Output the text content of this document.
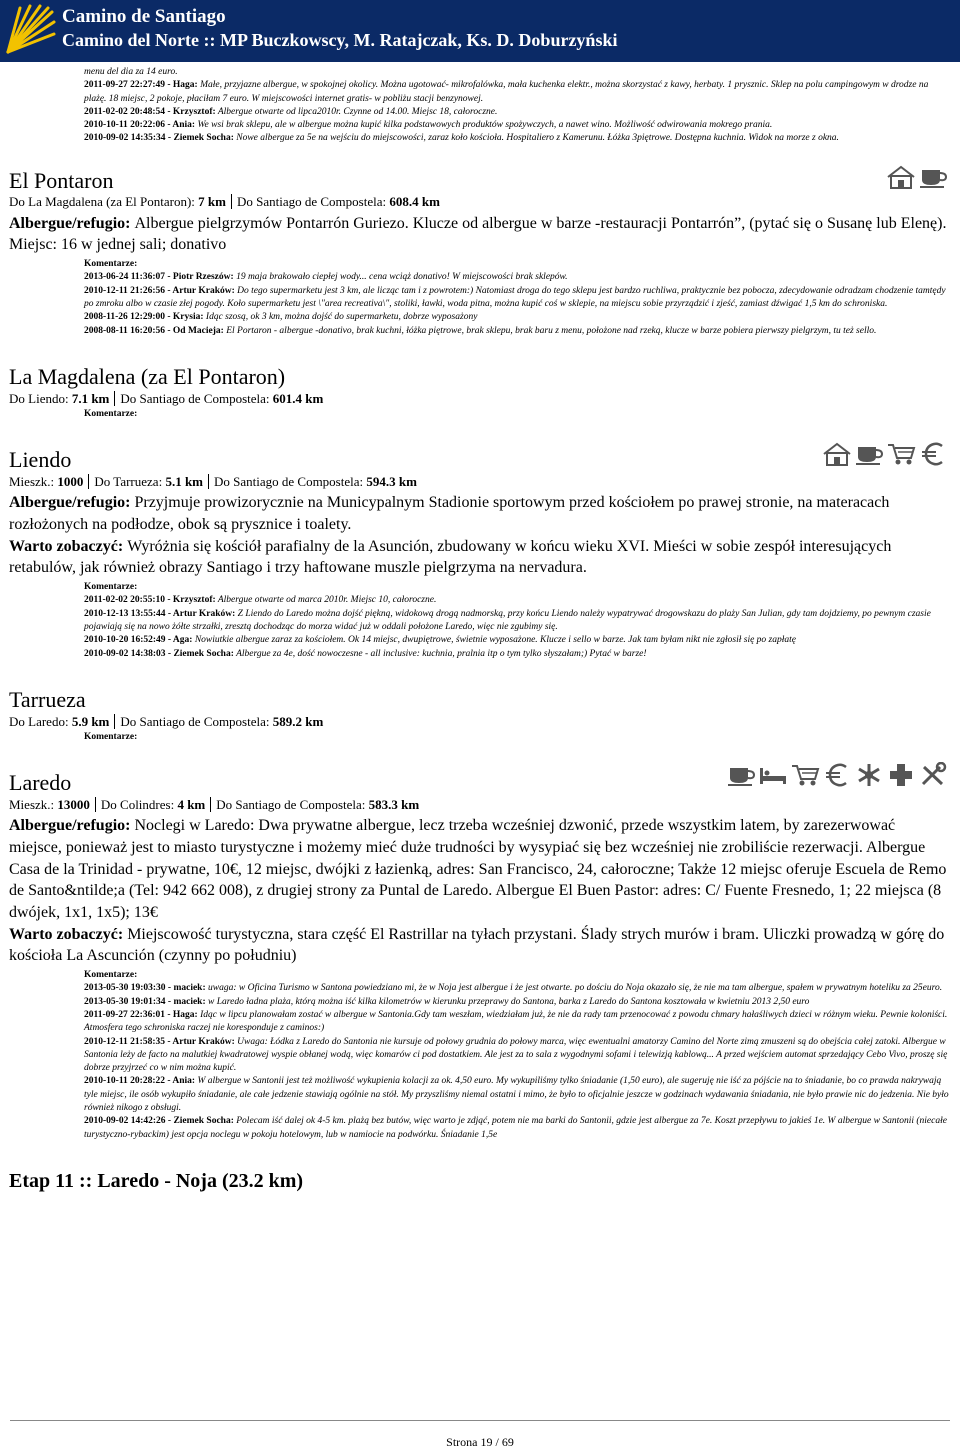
Camino de Santiago
Camino del Norte :: MP Buczkowscy, M. Ratajczak, Ks. D. Doburzyński
menu del dia za 14 euro.
2011-09-27 22:27:49 - Haga: Małe, przyjazne albergue, w spokojnej okolicy. Można ugotować- mikrofalówka, mała kuchenka elektr., można skorzystać z kawy, herbaty. 1 prysznic. Sklep na polu campingowym w drodze na plażę. 18 miejsc, 2 pokoje, płaciłam 7 euro. W miejscowości internet gratis- w pobliżu stacji benzynowej.
2011-02-02 20:48:54 - Krzysztof: Albergue otwarte od lipca2010r. Czynne od 14.00. Miejsc 18, całoroczne.
2010-10-11 20:22:06 - Ania: We wsi brak sklepu, ale w albergue można kupić kilka podstawowych produktów spożywczych, a nawet wino. Możliwość odwirowania mokrego prania.
2010-09-02 14:35:34 - Ziemek Socha: Nowe albergue za 5e na wejściu do miejscowości, zaraz koło kościoła. Hospitaliero z Kamerunu. Łóżka 3piętrowe. Dostępna kuchnia. Widok na morze z okna.
El Pontaron
Do La Magdalena (za El Pontaron): 7 km Do Santiago de Compostela: 608.4 km
Albergue/refugio: Albergue pielgrzymów Pontarrón Guriezo. Klucze od albergue w barze -restauracji Pontarrón”, (pytać się o Susanę lub Elenę). Miejsc: 16 w jednej sali; donativo
Komentarze:
2013-06-24 11:36:07 - Piotr Rzeszów: 19 maja brakowało ciepłej wody... cena wciąż donativo! W miejscowości brak sklepów.
2010-12-11 21:26:56 - Artur Kraków: Do tego supermarketu jest 3 km, ale licząc tam i z powrotem:) Natomiast droga do tego sklepu jest bardzo ruchliwa, praktycznie bez pobocza, zdecydowanie odradzam chodzenie tamtędy po zmroku albo w czasie złej pogody. Koło supermarketu jest \"area recreativa\", stoliki, ławki, woda pitna, można kupić coś w sklepie, na miejscu sobie przyrządzić i zjeść, zamiast dźwigać 1,5 km do schroniska.
2008-11-26 12:29:00 - Krysia: Idąc szosą, ok 3 km, można dojść do supermarketu, dobrze wyposażony
2008-08-11 16:20:56 - Od Macieja: El Portaron - albergue -donativo, brak kuchni, łóżka piętrowe, brak sklepu, brak baru z menu, położone nad rzeką, klucze w barze pobiera pierwszy pielgrzym, tu też sello.
La Magdalena (za El Pontaron)
Do Liendo: 7.1 km Do Santiago de Compostela: 601.4 km
Komentarze:
Liendo
Mieszk.: 1000 Do Tarrueza: 5.1 km Do Santiago de Compostela: 594.3 km
Albergue/refugio: Przyjmuje prowizorycznie na Municypalnym Stadionie sportowym przed kościołem po prawej stronie, na materacach rozłożonych na podłodze, obok są prysznice i toalety.
Warto zobaczyć: Wyróżnia się kościół parafialny de la Asunción, zbudowany w końcu wieku XVI. Mieści w sobie zespół interesujących retabulów, jak również obrazy Santiago i trzy haftowane muszle pielgrzyma na nervadura.
Komentarze:
2011-02-02 20:55:10 - Krzysztof: Albergue otwarte od marca 2010r. Miejsc 10, całoroczne.
2010-12-13 13:55:44 - Artur Kraków: Z Liendo do Laredo można dojść piękną, widokową drogą nadmorską, przy końcu Liendo należy wypatrywać drogowskazu do plaży San Julian, gdy tam dojdziemy, po pewnym czasie pojawiają się na nowo żółte strzałki, zresztą dochodząc do morza widać już w oddali położone Laredo, więc nie zgubimy się.
2010-10-20 16:52:49 - Aga: Nowiutkie albergue zaraz za kościołem. Ok 14 miejsc, dwupiętrowe, świetnie wyposażone. Klucze i sello w barze. Jak tam byłam nikt nie zgłosił się po zapłatę
2010-09-02 14:38:03 - Ziemek Socha: Albergue za 4e, dość nowoczesne - all inclusive: kuchnia, pralnia itp o tym tylko słyszałam;) Pytać w barze!
Tarrueza
Do Laredo: 5.9 km Do Santiago de Compostela: 589.2 km
Komentarze:
Laredo
Mieszk.: 13000 Do Colindres: 4 km Do Santiago de Compostela: 583.3 km
Albergue/refugio: Noclegi w Laredo: Dwa prywatne albergue, lecz trzeba wcześniej dzwonić, przede wszystkim latem, by zarezerwować miejsce, ponieważ jest to miasto turystyczne i możemy mieć duże trudności by wysypiać się bez wcześniej nie zrobiliście rezerwacji. Albergue Casa de la Trinidad - prywatne, 10€, 12 miejsc, dwójki z łazienką, adres: San Francisco, 24, całoroczne; Także 12 miejsc oferuje Escuela de Remo de Santo&ntilde;a (Tel: 942 662 008), z drugiej strony za Puntal de Laredo. Albergue El Buen Pastor: adres: C/ Fuente Fresnedo, 1; 22 miejsca (8 dwójek, 1x1, 1x5); 13€
Warto zobaczyć: Miejscowość turystyczna, stara część El Rastrillar na tyłach przystani. Ślady strych murów i bram. Uliczki prowadzą w górę do kościoła La Ascunción (czynny po południu)
Komentarze:
2013-05-30 19:03:30 - maciek: uwaga: w Oficina Turismo w Santona powiedziano mi, że w Noja jest albergue i że jest otwarte. po dościu do Noja okazało się, że nie ma tam albergue, spałem w prywatnym hoteliku za 25euro.
2013-05-30 19:01:34 - maciek: w Laredo ładna plaża, którą można iść kilka kilometrów w kierunku przeprawy do Santona, barka z Laredo do Santona kosztowała w kwietniu 2013 2,50 euro
2011-09-27 22:36:01 - Haga: Idąc w lipcu planowałam zostać w albergue w Santonia.Gdy tam weszłam, wiedziałam już, że nie da rady tam przenocować z powodu chmary hałaśliwych dzieci w różnym wieku. Pewnie koloniści. Atmosfera tego schroniska raczej nie koresponduje z caminos:)
2010-12-11 21:58:35 - Artur Kraków: Uwaga: Łódka z Laredo do Santonia nie kursuje od połowy grudnia do połowy marca, więc ewentualni amatorzy Camino del Norte zimą zmuszeni są do obejścia całej zatoki. Albergue w Santonia leży de facto na malutkiej kwadratowej wyspie obłanej wodą, więc komarów ci pod dostatkiem. Ale jest za to sala z wygodnymi sofami i telewizją kablową... A przed wejściem automat sprzedający Cebo Vivo, proszę się dobrze przyjrzeć co w nim można kupić.
2010-10-11 20:28:22 - Ania: W albergue w Santonii jest też możliwość wykupienia kolacji za ok. 4,50 euro. My wykupiliśmy tylko śniadanie (1,50 euro), ale sugeruję nie iść za pójście na to śniadanie, bo co prawda nakrywają tyle miejsc, ile osób wykupiło śniadanie, ale całe jedzenie stawiają ogólnie na stół. My przyszliśmy niemal ostatni i mimo, że było to oficjalnie jeszcze w godzinach wydawania śniadania, nie było prawie nic do jedzenia. Nie było również nikogo z obsługi.
2010-09-02 14:42:26 - Ziemek Socha: Polecam iść dalej ok 4-5 km. plażą bez butów, więc warto je zdjąć, potem nie ma barki do Santonii, gdzie jest albergue za 7e. Koszt przepływu to jakieś 1e. W albergue w Santonii (niecałe turystyczno-rybackim) jest opcja noclegu w pokoju hotelowym, lub w namiocie na podwórku. Śniadanie 1,5e
Etap 11 :: Laredo - Noja (23.2 km)
Strona 19 / 69
